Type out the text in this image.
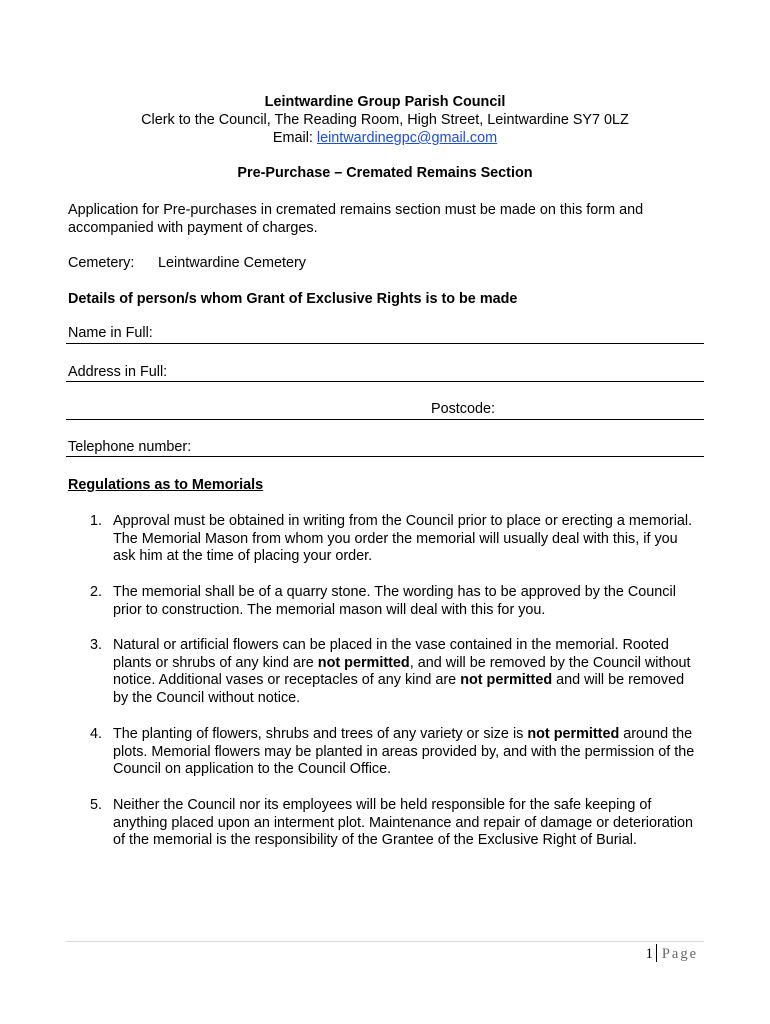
Leintwardine Group Parish Council
Clerk to the Council, The Reading Room, High Street, Leintwardine SY7 0LZ
Email: leintwardinegpc@gmail.com
Pre-Purchase – Cremated Remains Section
Application for Pre-purchases in cremated remains section must be made on this form and accompanied with payment of charges.
Cemetery: Leintwardine Cemetery
Details of person/s whom Grant of Exclusive Rights is to be made
Name in Full:
Address in Full:
Postcode:
Telephone number:
Regulations as to Memorials
1. Approval must be obtained in writing from the Council prior to place or erecting a memorial. The Memorial Mason from whom you order the memorial will usually deal with this, if you ask him at the time of placing your order.
2. The memorial shall be of a quarry stone. The wording has to be approved by the Council prior to construction. The memorial mason will deal with this for you.
3. Natural or artificial flowers can be placed in the vase contained in the memorial. Rooted plants or shrubs of any kind are not permitted, and will be removed by the Council without notice. Additional vases or receptacles of any kind are not permitted and will be removed by the Council without notice.
4. The planting of flowers, shrubs and trees of any variety or size is not permitted around the plots. Memorial flowers may be planted in areas provided by, and with the permission of the Council on application to the Council Office.
5. Neither the Council nor its employees will be held responsible for the safe keeping of anything placed upon an interment plot. Maintenance and repair of damage or deterioration of the memorial is the responsibility of the Grantee of the Exclusive Right of Burial.
1 Page
